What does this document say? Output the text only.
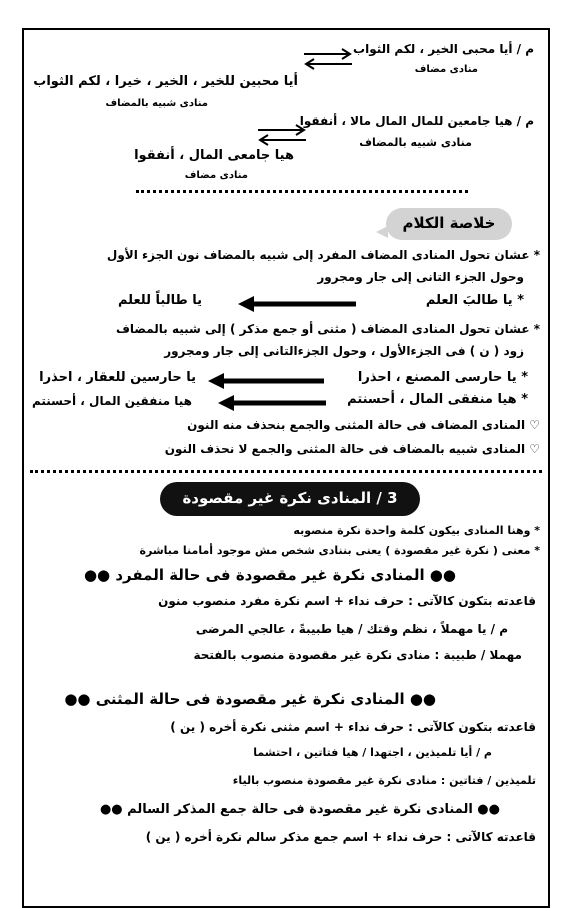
م / أيا محبى الخير ، لكم الثواب
منادى مضاف
أيا محبين للخير ، الخير ، خيرا ، لكم الثواب
منادى شبيه بالمضاف
م / هيا جامعين للمال المال مالا ، أنفقوا
منادى شبيه بالمضاف
هيا جامعى المال ، أنفقوا
منادى مضاف
خلاصة الكلام
* عشان تحول المنادى المضاف المفرد إلى شبيه بالمضاف نون الجزء الأول
وحول الجزء التانى إلى جار ومجرور
* يا طالبَ العلم
يا طالباً للعلم
* عشان تحول المنادى المضاف ( مثنى أو جمع مذكر ) إلى شبيه بالمضاف
زود ( ن ) فى الجزءالأول ، وحول الجزءالتانى إلى جار ومجرور
* يا حارسى المصنع ، احذرا
يا حارسين للعقار ، احذرا
* هيا منفقى المال ، أحسنتم
هيا منفقين المال ، أحسنتم
♡ المنادى المضاف فى حالة المثنى والجمع بنحذف منه النون
♡ المنادى شبيه بالمضاف فى حالة المثنى والجمع لا نحذف النون
3 / المنادى نكرة غير مقصودة
* وهنا المنادى بيكون كلمة واحدة نكرة منصوبه
* معنى ( نكرة غير مقصودة ) يعنى بننادى شخص مش موجود أمامنا مباشرة
●● المنادى نكرة غير مقصودة فى حالة المفرد ●●
قاعدته بتكون كالآتى : حرف نداء + اسم نكرة مفرد منصوب منون
م / يا مهملاً ، نظم وقتك / هيا طبيبةً ، عالجي المرضى
مهملا / طبيبة : منادى نكرة غير مقصودة منصوب بالفتحة
●● المنادى نكرة غير مقصودة فى حالة المثنى ●●
قاعدته بتكون كالآتى : حرف نداء + اسم مثنى نكرة أخره ( ين )
م / أيا تلميذين ، اجتهدا / هيا فتاتين ، احتشما
تلميذين / فتاتين : منادى نكرة غير مقصودة منصوب بالياء
●● المنادى نكرة غير مقصودة فى حالة جمع المذكر السالم ●●
قاعدته كالآتى : حرف نداء + اسم جمع مذكر سالم نكرة أخره ( ين )
